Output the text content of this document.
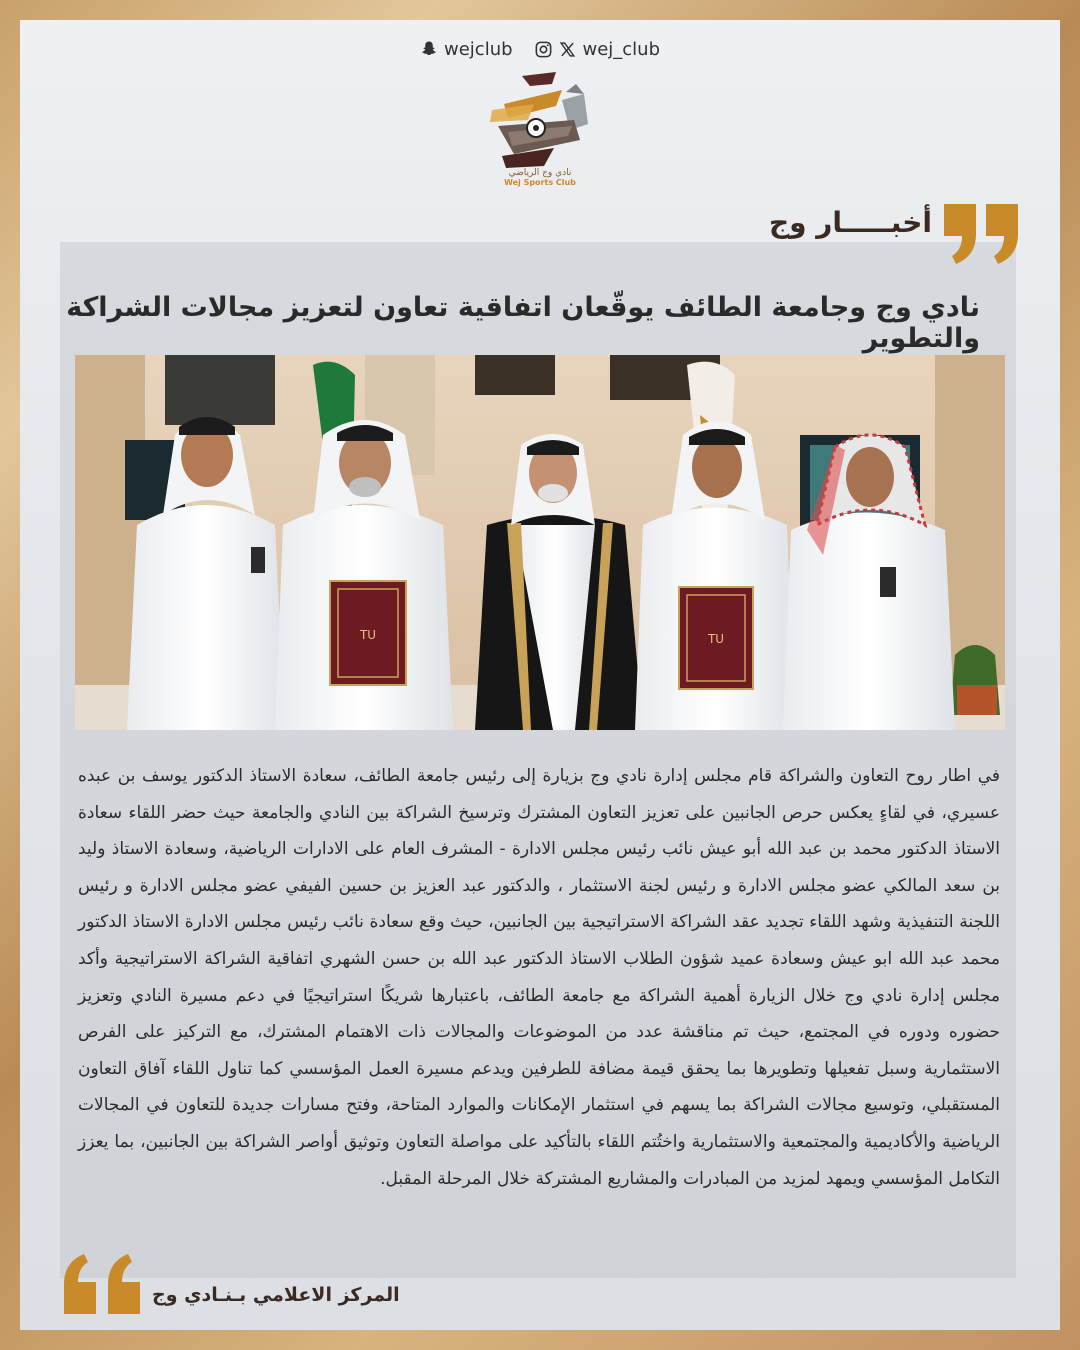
wejclub	wej_club
نادي وج الرياضي
Wej Sports Club
أخبـــــار وج
نادي وج وجامعة الطائف يوقّعان اتفاقية تعاون لتعزيز مجالات الشراكة والتطوير
TU	TU
في اطار روح التعاون والشراكة قام مجلس إدارة نادي وج بزيارة إلى رئيس جامعة الطائف، سعادة الاستاذ الدكتور يوسف بن عبده عسيري، في لقاءٍ يعكس حرص الجانبين على تعزيز التعاون المشترك وترسيخ الشراكة بين النادي والجامعة حيث حضر اللقاء سعادة الاستاذ الدكتور محمد بن عبد الله أبو عيش نائب رئيس مجلس الادارة - المشرف العام على الادارات الرياضية، وسعادة الاستاذ وليد بن سعد المالكي عضو مجلس الادارة و رئيس لجنة الاستثمار ، والدكتور عبد العزيز بن حسين الفيفي عضو مجلس الادارة و رئيس اللجنة التنفيذية وشهد اللقاء تجديد عقد الشراكة الاستراتيجية بين الجانبين، حيث وقع سعادة نائب رئيس مجلس الادارة الاستاذ الدكتور محمد عبد الله ابو عيش وسعادة عميد شؤون الطلاب الاستاذ الدكتور عبد الله بن حسن الشهري اتفاقية الشراكة الاستراتيجية وأكد مجلس إدارة نادي وج خلال الزيارة أهمية الشراكة مع جامعة الطائف، باعتبارها شريكًا استراتيجيًا في دعم مسيرة النادي وتعزيز حضوره ودوره في المجتمع، حيث تم مناقشة عدد من الموضوعات والمجالات ذات الاهتمام المشترك، مع التركيز على الفرص الاستثمارية وسبل تفعيلها وتطويرها بما يحقق قيمة مضافة للطرفين ويدعم مسيرة العمل المؤسسي كما تناول اللقاء آفاق التعاون المستقبلي، وتوسيع مجالات الشراكة بما يسهم في استثمار الإمكانات والموارد المتاحة، وفتح مسارات جديدة للتعاون في المجالات الرياضية والأكاديمية والمجتمعية والاستثمارية واختُتم اللقاء بالتأكيد على مواصلة التعاون وتوثيق أواصر الشراكة بين الجانبين، بما يعزز التكامل المؤسسي ويمهد لمزيد من المبادرات والمشاريع المشتركة خلال المرحلة المقبل.
المركز الاعلامي بـنـادي وج
